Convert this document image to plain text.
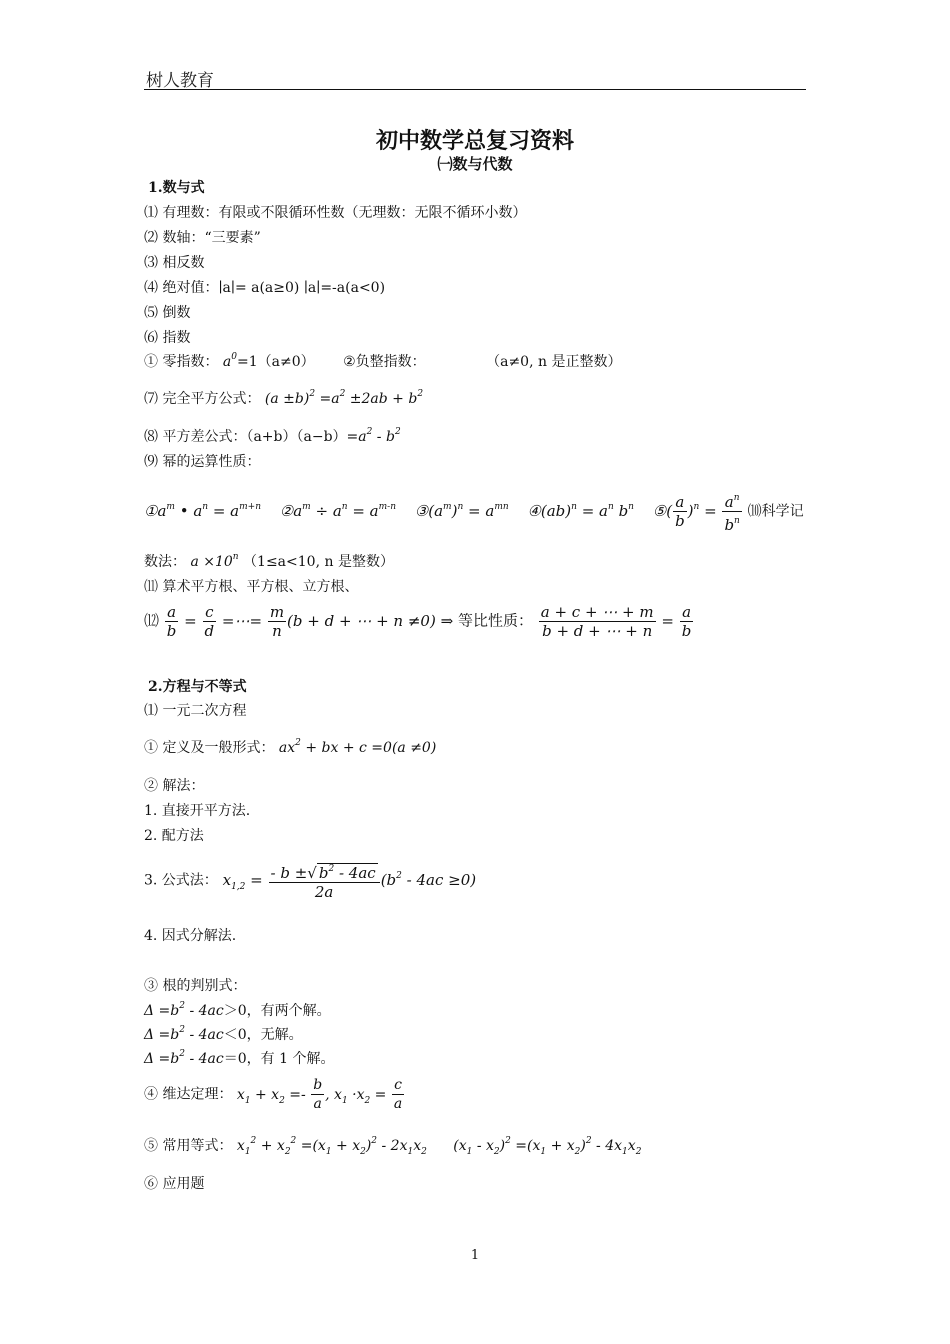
树人教育
初中数学总复习资料
㈠数与代数
1.数与式
⑴ 有理数：有限或不限循环性数（无理数：无限不循环小数）
⑵ 数轴：“三要素”
⑶ 相反数
⑷ 绝对值：∣a∣= a(a≥0) ∣a∣=-a(a<0)
⑸ 倒数
⑹ 指数
① 零指数： $a^0=1(a\ne 0)$ ②负整指数：	（a≠0, n 是正整数）
⑺ 完全平方公式： $(a \pm b)^2 =a^2 \pm 2ab + b^2$
⑻ 平方差公式：$(a+b)(a-b)=a^2 - b^2$
⑼ 幂的运算性质：
$①a^m$ • $a^n = a^{m+n}$ $②a^m \div a^n = a^{m-n}$ $③(a^m)^n = a^{mn}$ ④(ab)$^n$ = $a^n$ $b^n$ ⑤( $\frac{a}{b} )^n = \frac{a^n}{b^n}$ ⑽科学记
数法： $a \times 10^n$ （1≤a<10, n 是整数）
⑾ 算术平方根、平方根、立方根、
⑿ $\frac{a}{b} = \frac{c}{d}$ =⋯= $\frac{m}{n} (b + d$ + ⋯ + n ≠0) ⇒ 等比性质： $\frac{a + c + \cdots + m}{b + d + \cdots + n} = \frac{a}{b}$
2.方程与不等式
⑴ 一元二次方程
① 定义及一般形式： $ax^2$ + bx + c =0(a ≠0)
② 解法：
1. 直接开平方法.
2. 配方法
3. 公式法： $x_{1,2} = \frac{- b \pm√ b^2 - 4ac}{2a} (b^2 - 4ac \ge 0)$
4. 因式分解法.
③ 根的判别式：
$\Delta =b^2 - 4ac>0$，有两个解。
$\Delta =b^2 - 4ac<0$，无解。
$\Delta =b^2 - 4ac=0$，有 1 个解。
④ 维达定理： $x_1 + x_2 =- \frac{b}{a}$ , $x_1 \cdot x_2 = \frac{c}{a}$
⑤ 常用等式： $x_1^2 + x_2^2 =(x_1 + x_2)^2 - 2x_1x_2$ $(x_1 - x_2)^2 =(x_1 + x_2)^2 - 4x_1x_2$
⑥ 应用题
1
